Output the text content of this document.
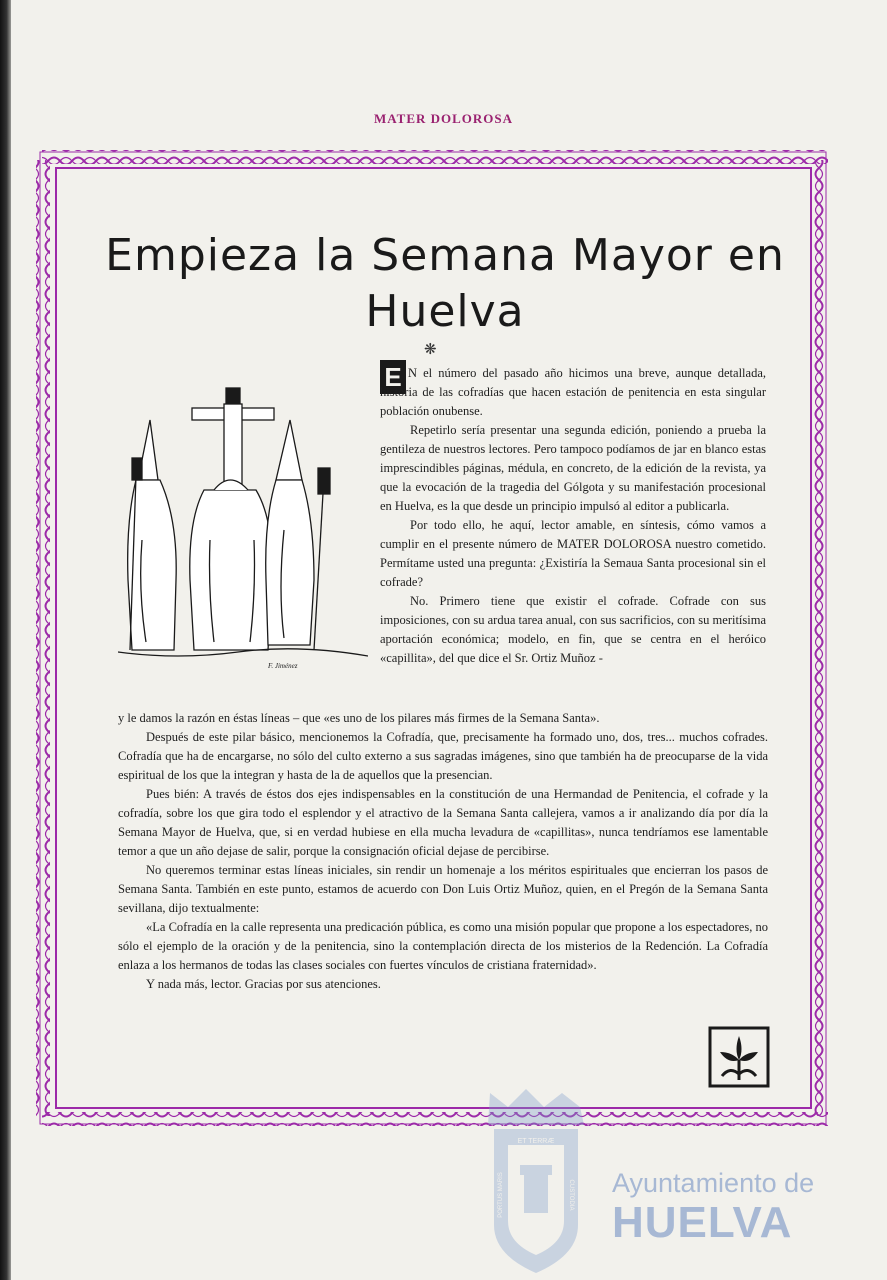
MATER DOLOROSA
Empieza la Semana Mayor en
Huelva
❋
F. Jiménez
E N el número del pasado año hicimos una breve, aunque detallada, historia de las cofradías que hacen estación de penitencia en esta singular población onubense.

Repetirlo sería presentar una segunda edición, poniendo a prueba la gentileza de nuestros lectores. Pero tampoco podíamos de jar en blanco estas imprescindibles páginas, médula, en concreto, de la edición de la revista, ya que la evocación de la tragedia del Gólgota y su manifestación procesional en Huelva, es la que desde un principio impulsó al editor a publicarla.

Por todo ello, he aquí, lector amable, en síntesis, cómo vamos a cumplir en el presente número de MATER DOLOROSA nuestro cometido. Permítame usted una pregunta: ¿Existiría la Semaua Santa procesional sin el cofrade?

No. Primero tiene que existir el cofrade. Cofrade con sus imposiciones, con su ardua tarea anual, con sus sacrificios, con su meritísima aportación económica; modelo, en fin, que se centra en el heróico «capillita», del que dice el Sr. Ortiz Muñoz -

y le damos la razón en éstas líneas – que «es uno de los pilares más firmes de la Semana Santa».

Después de este pilar básico, mencionemos la Cofradía, que, precisamente ha formado uno, dos, tres... muchos cofrades. Cofradía que ha de encargarse, no sólo del culto externo a sus sagradas imágenes, sino que también ha de preocuparse de la vida espiritual de los que la integran y hasta de la de aquellos que la presencian.

Pues bién: A través de éstos dos ejes indispensables en la constitución de una Hermandad de Penitencia, el cofrade y la cofradía, sobre los que gira todo el esplendor y el atractivo de la Semana Santa callejera, vamos a ir analizando día por día la Semana Mayor de Huelva, que, si en verdad hubiese en ella mucha levadura de «capillitas», nunca tendríamos ese lamentable temor a que un año dejase de salir, porque la consignación oficial dejase de percibirse.

No queremos terminar estas líneas iniciales, sin rendir un homenaje a los méritos espirituales que encierran los pasos de Semana Santa. También en este punto, estamos de acuerdo con Don Luis Ortiz Muñoz, quien, en el Pregón de la Semana Santa sevillana, dijo textualmente:

«La Cofradía en la calle representa una predicación pública, es como una misión popular que propone a los espectadores, no sólo el ejemplo de la oración y de la penitencia, sino la contemplación directa de los misterios de la Redención. La Cofradía enlaza a los hermanos de todas las clases sociales con fuertes vínculos de cristiana fraternidad».

Y nada más, lector. Gracias por sus atenciones.

ET TERRÆ
PORTUS MARIS	CUSTODIA Ayuntamiento de
HUELVA
